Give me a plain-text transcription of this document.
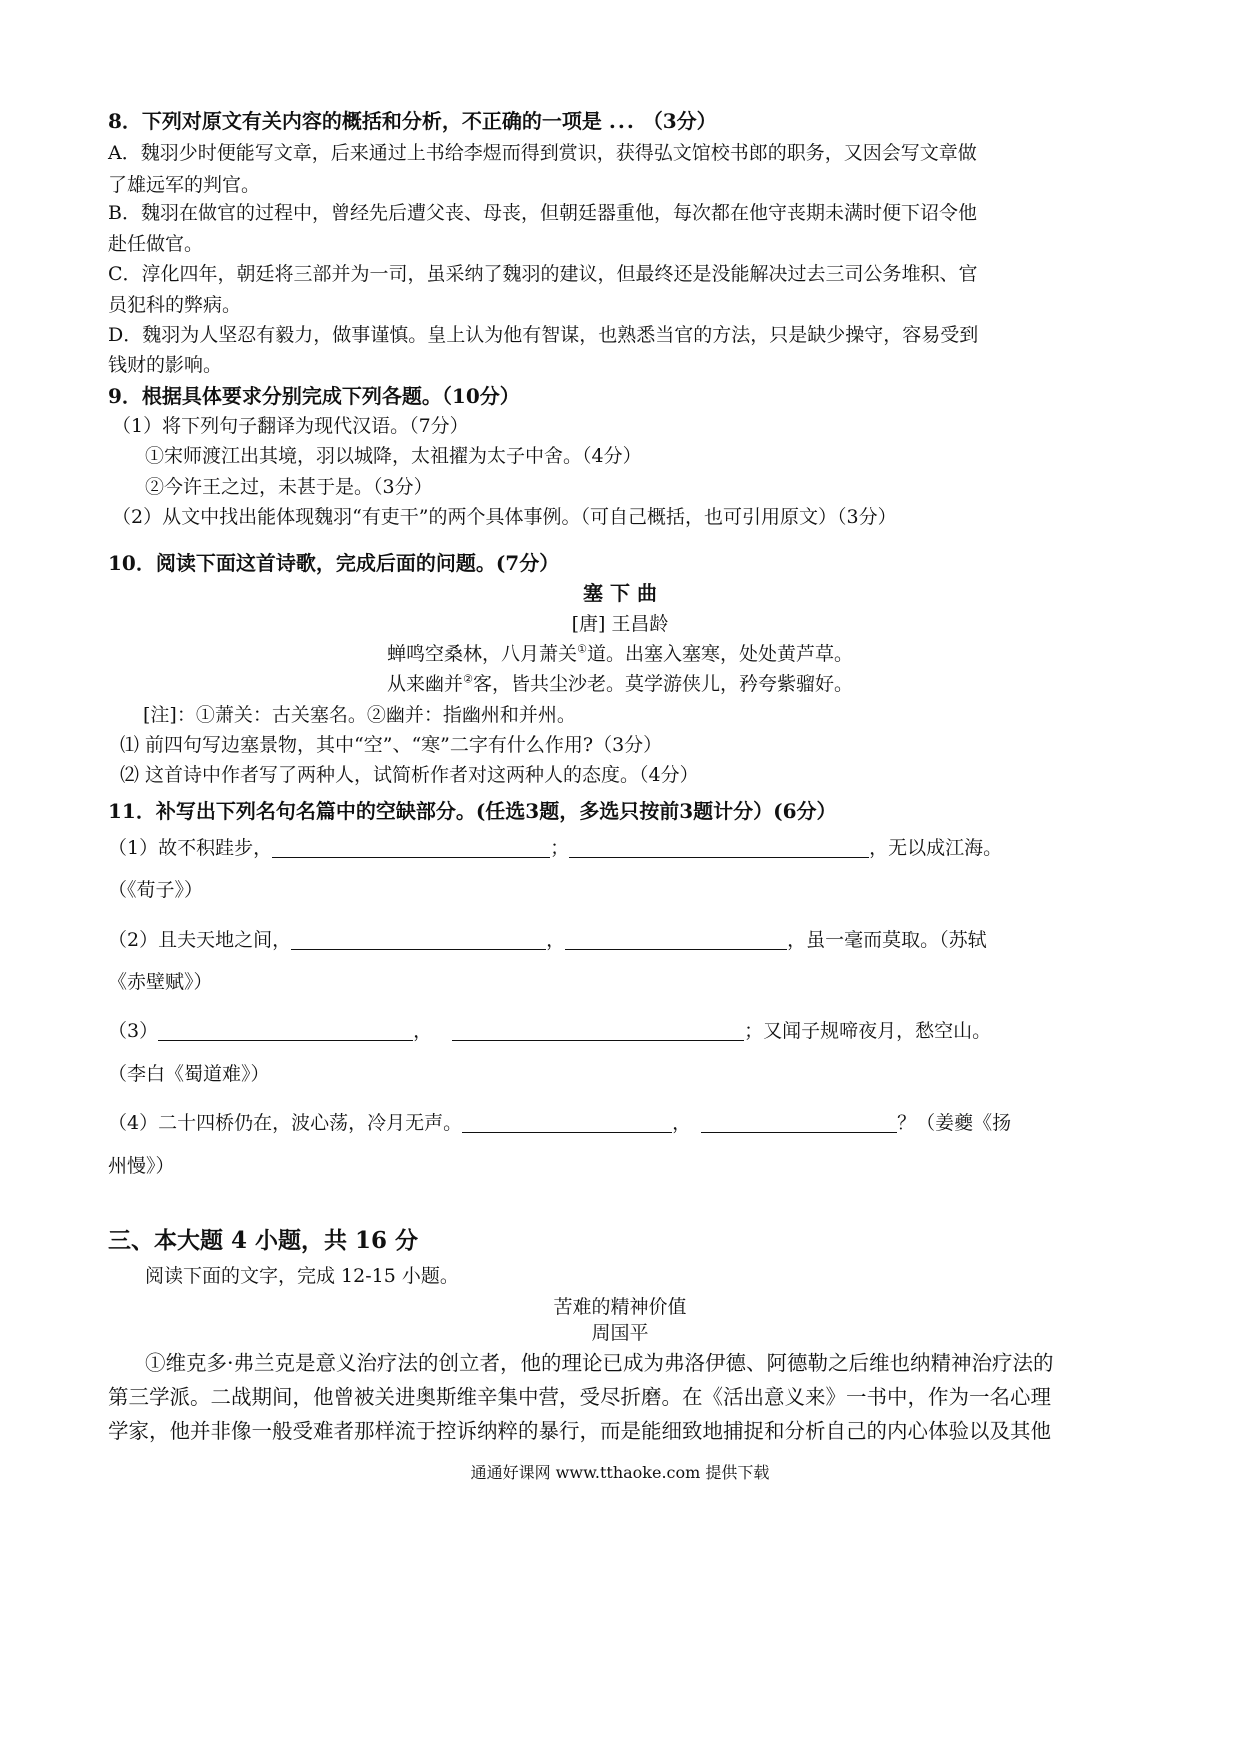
8．下列对原文有关内容的概括和分析，不正确的一项是 ... （3分）
A．魏羽少时便能写文章，后来通过上书给李煜而得到赏识，获得弘文馆校书郎的职务，又因会写文章做
了雄远军的判官。
B．魏羽在做官的过程中，曾经先后遭父丧、母丧，但朝廷器重他，每次都在他守丧期未满时便下诏令他
赴任做官。
C．淳化四年，朝廷将三部并为一司，虽采纳了魏羽的建议，但最终还是没能解决过去三司公务堆积、官
员犯科的弊病。
D．魏羽为人坚忍有毅力，做事谨慎。皇上认为他有智谋，也熟悉当官的方法，只是缺少操守，容易受到
钱财的影响。
9．根据具体要求分别完成下列各题。（10分）
（1）将下列句子翻译为现代汉语。（7分）
①宋师渡江出其境，羽以城降，太祖擢为太子中舍。（4分）
②今许王之过，未甚于是。（3分）
（2）从文中找出能体现魏羽“有吏干”的两个具体事例。（可自己概括，也可引用原文）（3分）
10．阅读下面这首诗歌，完成后面的问题。(7分）
塞 下 曲
[唐] 王昌龄
蝉鸣空桑林，八月萧关①道。出塞入塞寒，处处黄芦草。
从来幽并②客，皆共尘沙老。莫学游侠儿，矜夸紫骝好。
[注]：①萧关：古关塞名。②幽并：指幽州和并州。
⑴ 前四句写边塞景物，其中“空”、“寒”二字有什么作用?（3分）
⑵ 这首诗中作者写了两种人，试简析作者对这两种人的态度。（4分）
11．补写出下列名句名篇中的空缺部分。(任选3题，多选只按前3题计分）(6分）
（1）故不积跬步，	；	，无以成江海。
（《荀子》）
（2）且夫天地之间，	，	，虽一毫而莫取。（苏轼
《赤壁赋》）
（3）	，	；又闻子规啼夜月，愁空山。
（李白《蜀道难》）
（4）二十四桥仍在，波心荡，冷月无声。	，	？（姜夔《扬
州慢》）
三、本大题 4 小题，共 16 分
阅读下面的文字，完成 12-15 小题。
苦难的精神价值
周国平
①维克多·弗兰克是意义治疗法的创立者，他的理论已成为弗洛伊德、阿德勒之后维也纳精神治疗法的
第三学派。二战期间，他曾被关进奥斯维辛集中营，受尽折磨。在《活出意义来》一书中，作为一名心理
学家，他并非像一般受难者那样流于控诉纳粹的暴行，而是能细致地捕捉和分析自己的内心体验以及其他
通通好课网 www.tthaoke.com 提供下载
